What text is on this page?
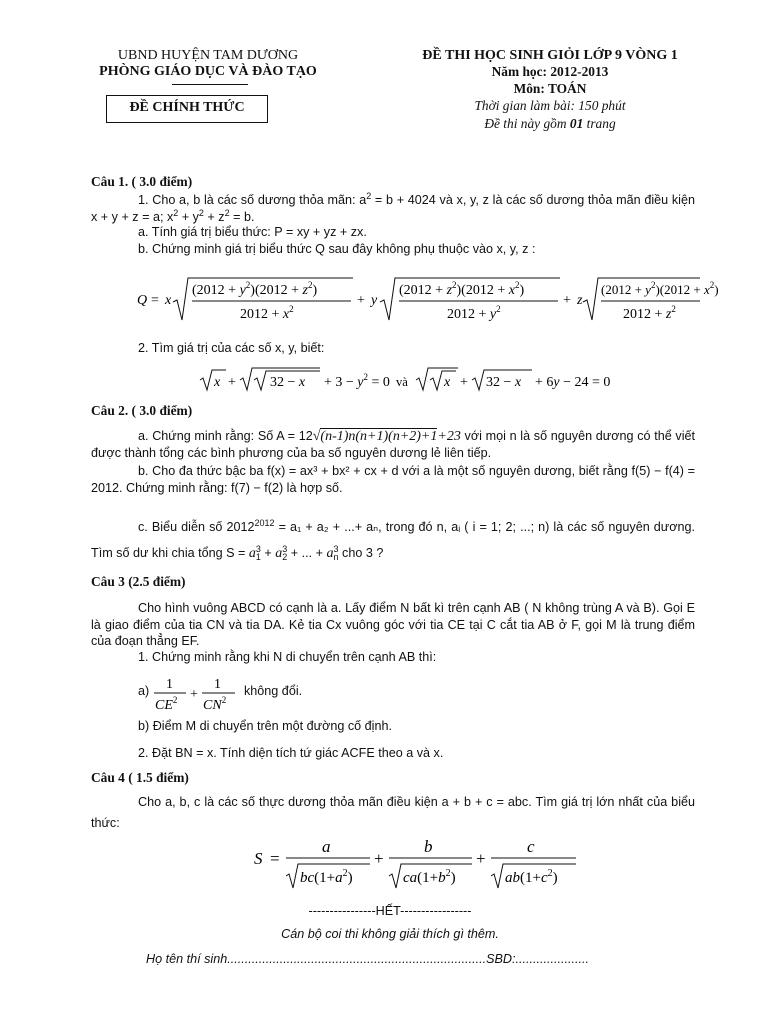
UBND HUYỆN TAM DƯƠNG
PHÒNG GIÁO DỤC VÀ ĐÀO TẠO
ĐỀ CHÍNH THỨC
ĐỀ THI HỌC SINH GIỎI LỚP 9 VÒNG 1
Năm học: 2012-2013
Môn: TOÁN
Thời gian làm bài: 150 phút
Đề thi này gồm 01 trang
Câu 1. ( 3.0 điểm)
1. Cho a, b là các số dương thỏa mãn: $a^2 = b + 4024$ và x, y, z là các số dương thỏa mãn điều kiện x + y + z = a; $x^2 + y^2 + z^2 = b$.
a. Tính giá trị biểu thức: P = xy + yz + zx.
b. Chứng minh giá trị biểu thức Q sau đây không phụ thuộc vào x, y, z :
Q = x
$(2012 + y^2)(2012 + z^2)$
$2012 + x^2$
+ y
$(2012 + z^2)(2012 + x^2)$
$2012 + y^2$
+ z
$(2012 + y^2)(2012 + x^2)$
$2012 + z^2$
2. Tìm giá trị của các số x, y, biết:
$x + 32 - x + 3 - y^2 = 0$ và	x + 32 − x + 6y − 24 = 0
Câu 2. ( 3.0 điểm)
a. Chứng minh rằng: Số A = 12√(n-1)n(n+1)(n+2)+1+23 với mọi n là số nguyên dương có thể viết được thành tổng các bình phương của ba số nguyên dương lẻ liên tiếp.
b. Cho đa thức bậc ba f(x) = ax³ + bx² + cx + d với a là một số nguyên dương, biết rằng f(5) − f(4) = 2012. Chứng minh rằng: f(7) − f(2) là hợp số.
c. Biểu diễn số $2012^{2012} = a_1 + a_2$ + ...+ aₙ, trong đó n, aᵢ ( i = 1; 2; ...; n) là các số nguyên dương. Tìm số dư khi chia tổng $S = a_1^3 + a_2^3$ + ... + $a_n^3$ cho 3 ?
Câu 3 (2.5 điểm)
Cho hình vuông ABCD có cạnh là a. Lấy điểm N bất kì trên cạnh AB ( N không trùng A và B). Gọi E là giao điểm của tia CN và tia DA. Kẻ tia Cx vuông góc với tia CE tại C cắt tia AB ở F, gọi M là trung điểm của đoạn thẳng EF.
1. Chứng minh rằng khi N di chuyển trên cạnh AB thì:
a) 1
$CE^2$ +
1
$CN^2$
không đổi.
b) Điểm M di chuyển trên một đường cố định.
2. Đặt BN = x. Tính diện tích tứ giác ACFE theo a và x.
Câu 4 ( 1.5 điểm)
Cho a, b, c là các số thực dương thỏa mãn điều kiện a + b + c = abc. Tìm giá trị lớn nhất của biểu thức:
S =
a
$bc(1+a^2)$
+
b
$ca(1+b^2)$
+
c
$ab(1+c^2)$
----------------HẾT-----------------
Cán bộ coi thi không giải thích gì thêm.
Họ tên thí sinh..........................................................................SBD:.....................
